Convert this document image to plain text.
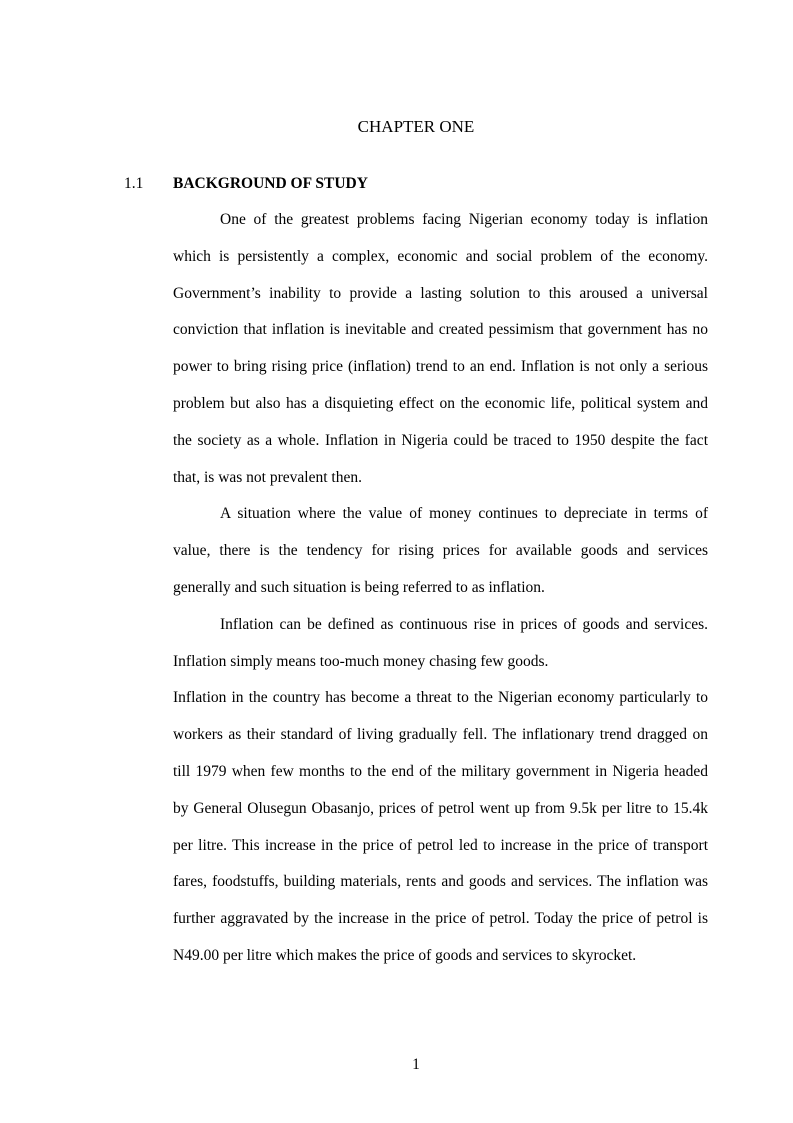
CHAPTER ONE
1.1 BACKGROUND OF STUDY

One of the greatest problems facing Nigerian economy today is inflation which is persistently a complex, economic and social problem of the economy. Government’s inability to provide a lasting solution to this aroused a universal conviction that inflation is inevitable and created pessimism that government has no power to bring rising price (inflation) trend to an end. Inflation is not only a serious problem but also has a disquieting effect on the economic life, political system and the society as a whole. Inflation in Nigeria could be traced to 1950 despite the fact that, is was not prevalent then.

A situation where the value of money continues to depreciate in terms of value, there is the tendency for rising prices for available goods and services generally and such situation is being referred to as inflation.

Inflation can be defined as continuous rise in prices of goods and services. Inflation simply means too-much money chasing few goods.

Inflation in the country has become a threat to the Nigerian economy particularly to workers as their standard of living gradually fell. The inflationary trend dragged on till 1979 when few months to the end of the military government in Nigeria headed by General Olusegun Obasanjo, prices of petrol went up from 9.5k per litre to 15.4k per litre. This increase in the price of petrol led to increase in the price of transport fares, foodstuffs, building materials, rents and goods and services. The inflation was further aggravated by the increase in the price of petrol. Today the price of petrol is N49.00 per litre which makes the price of goods and services to skyrocket.

1
